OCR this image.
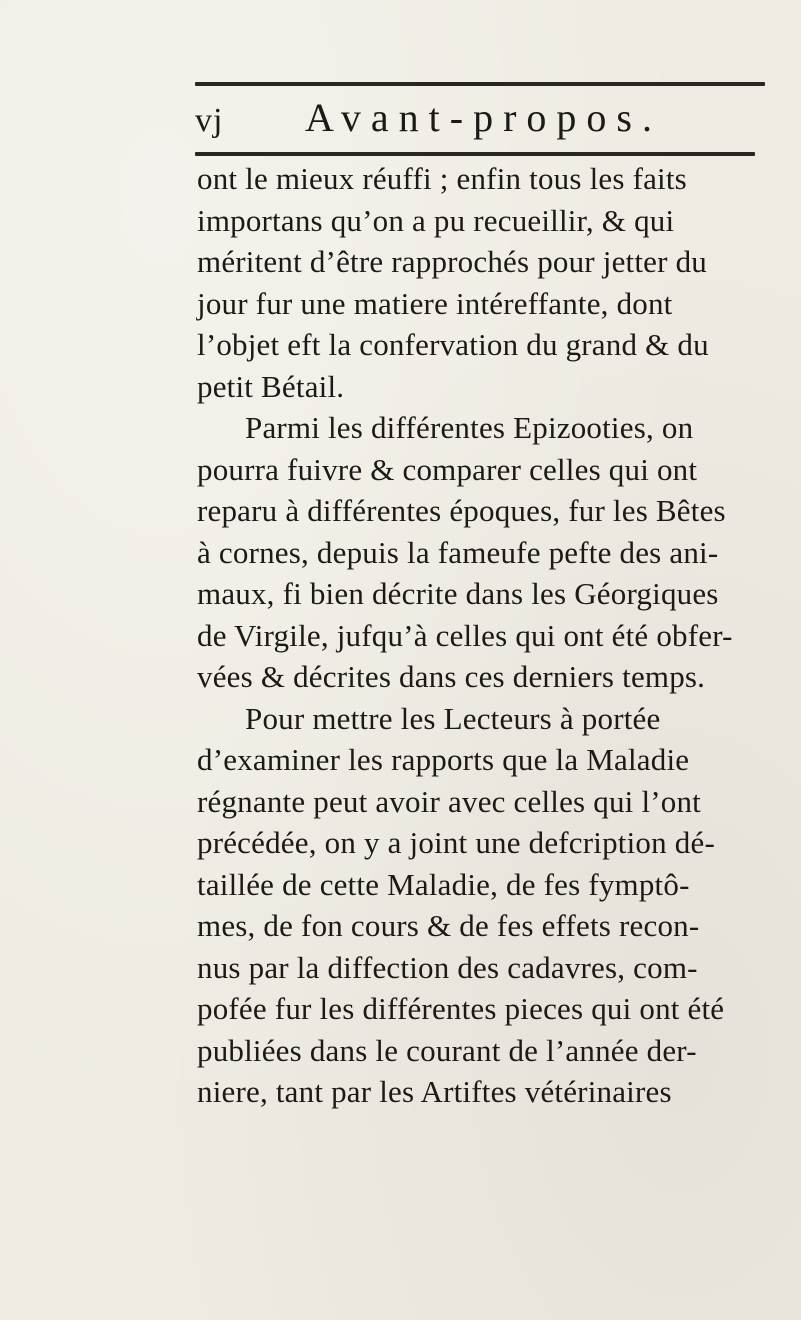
vj Avant-propos.
ont le mieux réuffi ; enfin tous les faits
importans qu’on a pu recueillir, & qui
méritent d’être rapprochés pour jetter du
jour fur une matiere intéreffante, dont
l’objet eft la confervation du grand & du
petit Bétail.
Parmi les différentes Epizooties, on
pourra fuivre & comparer celles qui ont
reparu à différentes époques, fur les Bêtes
à cornes, depuis la fameufe pefte des ani-
maux, fi bien décrite dans les Géorgiques
de Virgile, jufqu’à celles qui ont été obfer-
vées & décrites dans ces derniers temps.
Pour mettre les Lecteurs à portée
d’examiner les rapports que la Maladie
régnante peut avoir avec celles qui l’ont
précédée, on y a joint une defcription dé-
taillée de cette Maladie, de fes fymptô-
mes, de fon cours & de fes effets recon-
nus par la diffection des cadavres, com-
pofée fur les différentes pieces qui ont été
publiées dans le courant de l’année der-
niere, tant par les Artiftes vétérinaires
